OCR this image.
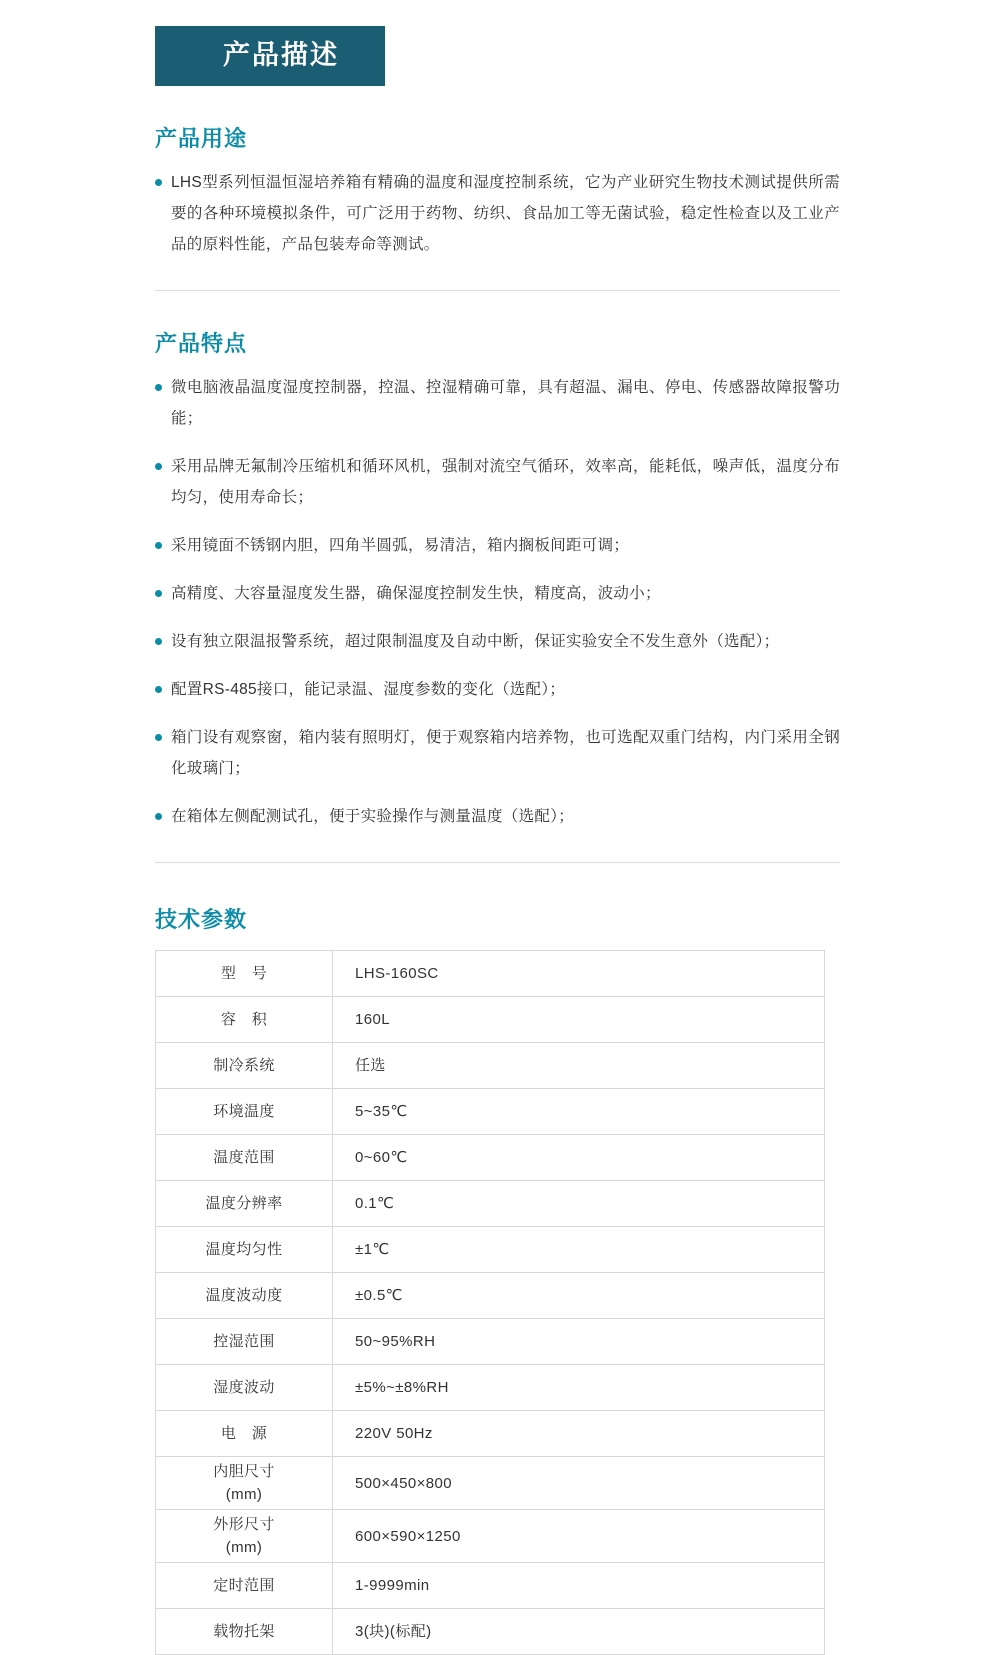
产品描述
产品用途

LHS型系列恒温恒湿培养箱有精确的温度和湿度控制系统，它为产业研究生物技术测试提供所需要的各种环境模拟条件，可广泛用于药物、纺织、食品加工等无菌试验，稳定性检查以及工业产品的原料性能，产品包装寿命等测试。

产品特点
微电脑液晶温度湿度控制器，控温、控湿精确可靠，具有超温、漏电、停电、传感器故障报警功能；
采用品牌无氟制冷压缩机和循环风机，强制对流空气循环，效率高，能耗低，噪声低，温度分布均匀，使用寿命长；
采用镜面不锈钢内胆，四角半圆弧，易清洁，箱内搁板间距可调；
高精度、大容量湿度发生器，确保湿度控制发生快，精度高，波动小；
设有独立限温报警系统，超过限制温度及自动中断，保证实验安全不发生意外（选配）；
配置RS-485接口，能记录温、湿度参数的变化（选配）；
箱门设有观察窗，箱内装有照明灯，便于观察箱内培养物，也可选配双重门结构，内门采用全钢化玻璃门；
在箱体左侧配测试孔，便于实验操作与测量温度（选配）；
技术参数
型　号	LHS-160SC
容　积	160L
制冷系统	任选
环境温度	5~35℃
温度范围	0~60℃
温度分辨率	0.1℃
温度均匀性	±1℃
温度波动度	±0.5℃
控湿范围	50~95%RH
湿度波动	±5%~±8%RH
电　源	220V 50Hz
内胆尺寸
(mm)	500×450×800
外形尺寸
(mm)	600×590×1250
定时范围	1-9999min
载物托架	3(块)(标配)
